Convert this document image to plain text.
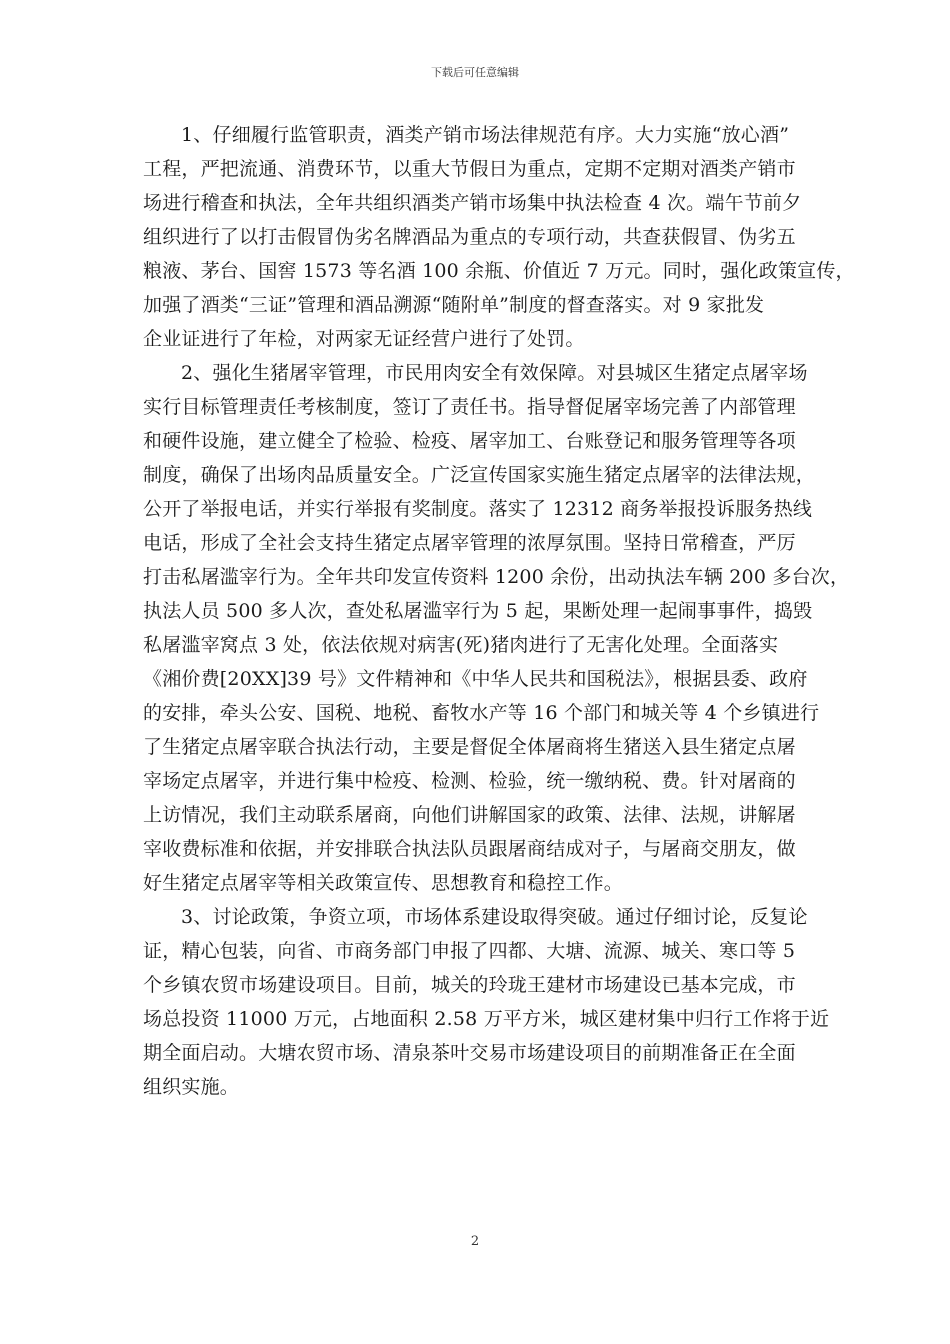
下载后可任意编辑

1、仔细履行监管职责，酒类产销市场法律规范有序。大力实施“放心酒”
工程，严把流通、消费环节，以重大节假日为重点，定期不定期对酒类产销市
场进行稽查和执法，全年共组织酒类产销市场集中执法检查 4 次。端午节前夕
组织进行了以打击假冒伪劣名牌酒品为重点的专项行动，共查获假冒、伪劣五
粮液、茅台、国窖 1573 等名酒 100 余瓶、价值近 7 万元。同时，强化政策宣传，
加强了酒类“三证”管理和酒品溯源“随附单”制度的督查落实。对 9 家批发
企业证进行了年检，对两家无证经营户进行了处罚。

2、强化生猪屠宰管理，市民用肉安全有效保障。对县城区生猪定点屠宰场
实行目标管理责任考核制度，签订了责任书。指导督促屠宰场完善了内部管理
和硬件设施，建立健全了检验、检疫、屠宰加工、台账登记和服务管理等各项
制度，确保了出场肉品质量安全。广泛宣传国家实施生猪定点屠宰的法律法规，
公开了举报电话，并实行举报有奖制度。落实了 12312 商务举报投诉服务热线
电话，形成了全社会支持生猪定点屠宰管理的浓厚氛围。坚持日常稽查，严厉
打击私屠滥宰行为。全年共印发宣传资料 1200 余份，出动执法车辆 200 多台次，
执法人员 500 多人次，查处私屠滥宰行为 5 起，果断处理一起闹事事件，捣毁
私屠滥宰窝点 3 处，依法依规对病害(死)猪肉进行了无害化处理。全面落实
《湘价费[20XX]39 号》文件精神和《中华人民共和国税法》，根据县委、政府
的安排，牵头公安、国税、地税、畜牧水产等 16 个部门和城关等 4 个乡镇进行
了生猪定点屠宰联合执法行动，主要是督促全体屠商将生猪送入县生猪定点屠
宰场定点屠宰，并进行集中检疫、检测、检验，统一缴纳税、费。针对屠商的
上访情况，我们主动联系屠商，向他们讲解国家的政策、法律、法规，讲解屠
宰收费标准和依据，并安排联合执法队员跟屠商结成对子，与屠商交朋友，做
好生猪定点屠宰等相关政策宣传、思想教育和稳控工作。

3、讨论政策，争资立项，市场体系建设取得突破。通过仔细讨论，反复论
证，精心包装，向省、市商务部门申报了四都、大塘、流源、城关、寒口等 5
个乡镇农贸市场建设项目。目前，城关的玲珑王建材市场建设已基本完成，市
场总投资 11000 万元，占地面积 2.58 万平方米，城区建材集中归行工作将于近
期全面启动。大塘农贸市场、清泉茶叶交易市场建设项目的前期准备正在全面
组织实施。

2
